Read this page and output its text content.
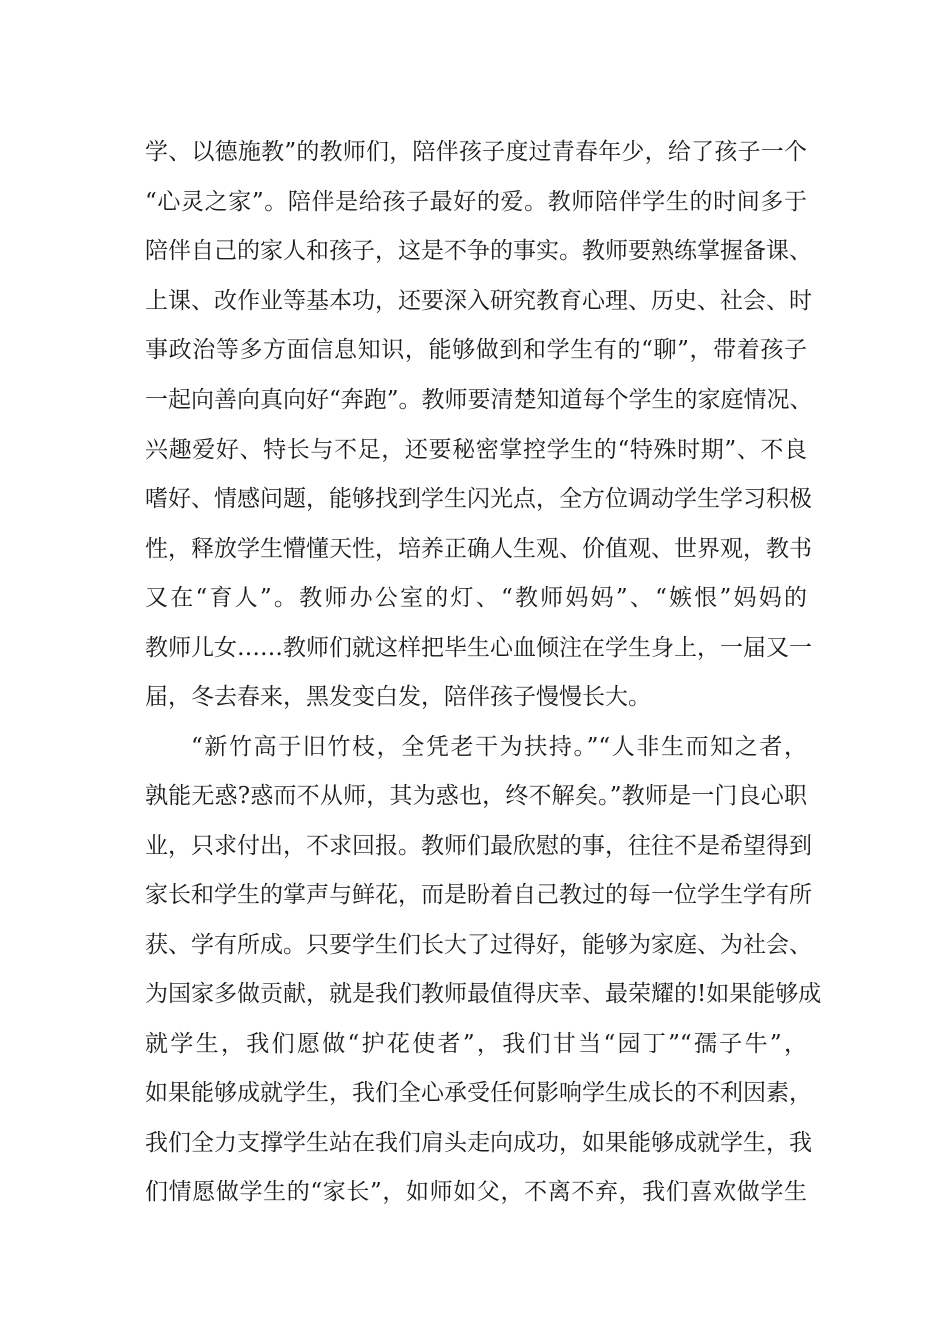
学、以德施教”的教师们，陪伴孩子度过青春年少，给了孩子一个
“心灵之家”。陪伴是给孩子最好的爱。教师陪伴学生的时间多于
陪伴自己的家人和孩子，这是不争的事实。教师要熟练掌握备课、
上课、改作业等基本功，还要深入研究教育心理、历史、社会、时
事政治等多方面信息知识，能够做到和学生有的“聊”，带着孩子
一起向善向真向好“奔跑”。教师要清楚知道每个学生的家庭情况、
兴趣爱好、特长与不足，还要秘密掌控学生的“特殊时期”、不良
嗜好、情感问题，能够找到学生闪光点，全方位调动学生学习积极
性，释放学生懵懂天性，培养正确人生观、价值观、世界观，教书
又在“育人”。教师办公室的灯、“教师妈妈”、“嫉恨”妈妈的
教师儿女……教师们就这样把毕生心血倾注在学生身上，一届又一
届，冬去春来，黑发变白发，陪伴孩子慢慢长大。
“新竹高于旧竹枝，全凭老干为扶持。”“人非生而知之者，
孰能无惑?惑而不从师，其为惑也，终不解矣。”教师是一门良心职
业，只求付出，不求回报。教师们最欣慰的事，往往不是希望得到
家长和学生的掌声与鲜花，而是盼着自己教过的每一位学生学有所
获、学有所成。只要学生们长大了过得好，能够为家庭、为社会、
为国家多做贡献，就是我们教师最值得庆幸、最荣耀的!如果能够成
就学生，我们愿做“护花使者”，我们甘当“园丁”“孺子牛”，
如果能够成就学生，我们全心承受任何影响学生成长的不利因素，
我们全力支撑学生站在我们肩头走向成功，如果能够成就学生，我
们情愿做学生的“家长”，如师如父，不离不弃，我们喜欢做学生
